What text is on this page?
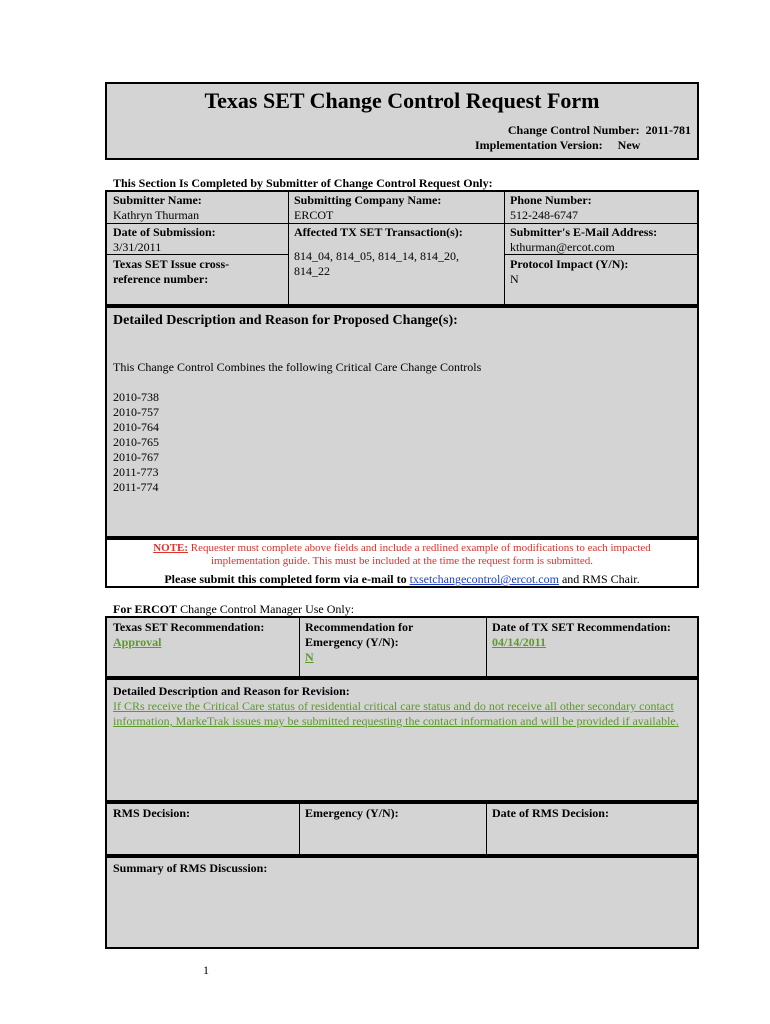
Texas SET Change Control Request Form
Change Control Number: 2011-781
Implementation Version: New
This Section Is Completed by Submitter of Change Control Request Only:
Submitter Name:
Kathryn Thurman
Submitting Company Name:
ERCOT
Phone Number:
512-248-6747
Date of Submission:
3/31/2011
Affected TX SET Transaction(s):
814_04, 814_05, 814_14, 814_20, 814_22
Submitter's E-Mail Address:
kthurman@ercot.com
Texas SET Issue cross-reference number:
Protocol Impact (Y/N):
N
Detailed Description and Reason for Proposed Change(s):
This Change Control Combines the following Critical Care Change Controls
2010-738
2010-757
2010-764
2010-765
2010-767
2011-773
2011-774
NOTE: Requester must complete above fields and include a redlined example of modifications to each impacted implementation guide. This must be included at the time the request form is submitted.
Please submit this completed form via e-mail to txsetchangecontrol@ercot.com and RMS Chair.
For ERCOT Change Control Manager Use Only:
Texas SET Recommendation:
Approval
Recommendation for Emergency (Y/N):
N
Date of TX SET Recommendation:
04/14/2011
Detailed Description and Reason for Revision:
If CRs receive the Critical Care status of residential critical care status and do not receive all other secondary contact information, MarkeTrak issues may be submitted requesting the contact information and will be provided if available.
RMS Decision:	Emergency (Y/N):	Date of RMS Decision:
Summary of RMS Discussion:
1
